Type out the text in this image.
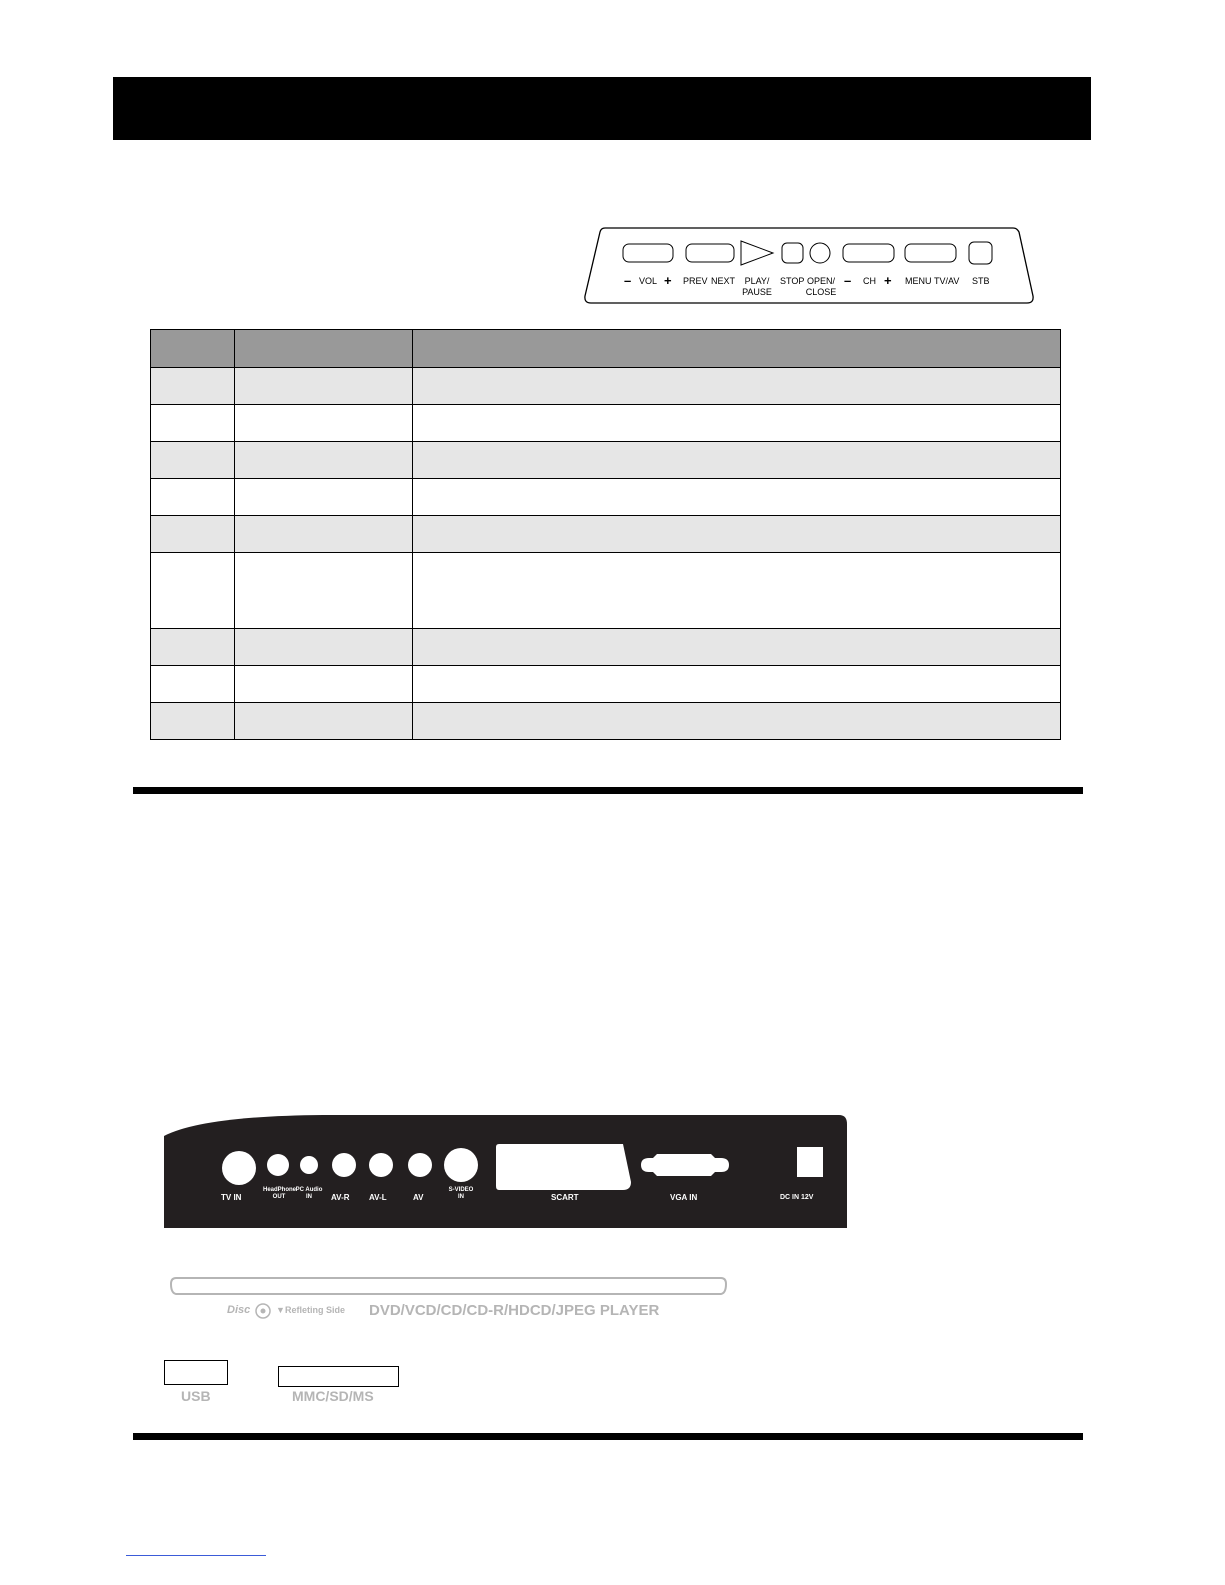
– VOL + PREV NEXT	PLAY/ PAUSE
STOP OPEN/ CLOSE
– CH + MENU TV/AV STB

TV IN
HeadPhone OUT
PC Audio IN	AV-R AV-L	AV
S-VIDEO IN	SCART	VGA IN	DC IN 12V
Disc	▼ Refleting Side DVD/VCD/CD/CD-R/HDCD/JPEG PLAYER
USB	MMC/SD/MS
